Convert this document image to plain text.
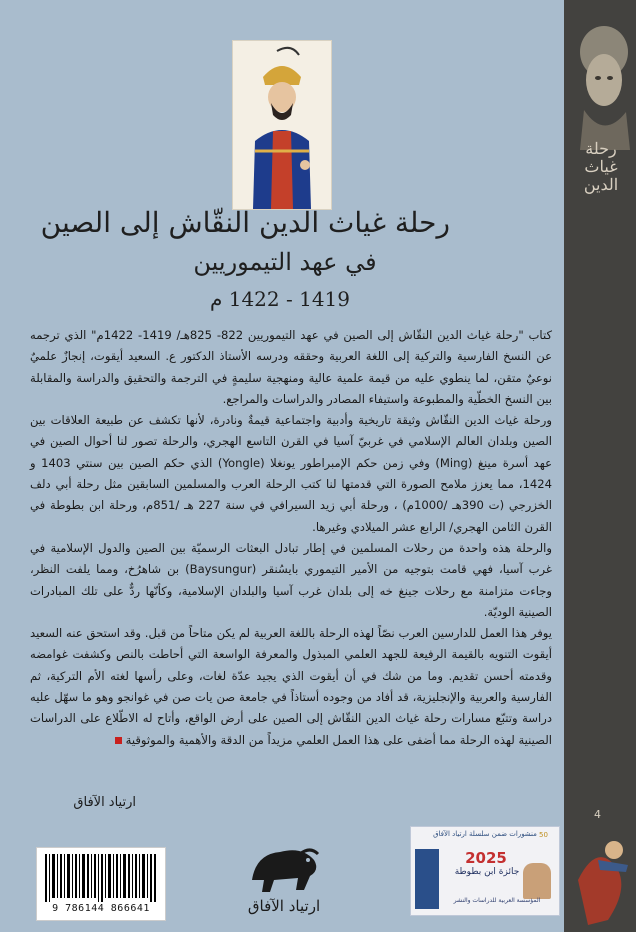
رحلة غياث الدين
4
رحلة غياث الدين النقّاش إلى الصين
في عهد التيموريين
1419 - 1422 م

كتاب "رحلة غياث الدين النقّاش إلى الصين في عهد التيموريين 822- 825هـ/ 1419- 1422م" الذي ترجمه عن النسخ الفارسية والتركية إلى اللغة العربية وحققه ودرسه الأستاذ الدكتور ع. السعيد أيقوت، إنجازٌ علميٌ نوعيٌ متقن، لما ينطوي عليه من قيمة علمية عالية ومنهجية سليمةٍ في الترجمة والتحقيق والدراسة والمقابلة بين النسخ الخطّية والمطبوعة واستيفاء المصادر والدراسات والمراجع.

ورحلة غياث الدين النقّاش وثيقة تاريخية وأدبية واجتماعية قيمةٌ ونادرة، لأنها تكشف عن طبيعة العلاقات بين الصين وبلدان العالم الإسلامي في غربيّ آسيا في القرن التاسع الهجري، والرحلة تصور لنا أحوال الصين في عهد أسرة مينغ (Ming) وفي زمن حكم الإمبراطور يونغلا (Yongle) الذي حكم الصين بين سنتي 1403 و 1424، مما يعزز ملامح الصورة التي قدمتها لنا كتب الرحلة العرب والمسلمين السابقين مثل رحلة أبي دلف الخزرجي (ت 390هـ /1000م) ، ورحلة أبي زيد السيرافي في سنة 227 هـ /851م، ورحلة ابن بطوطة في القرن الثامن الهجري/ الرابع عشر الميلادي وغيرها.

والرحلة هذه واحدة من رحلات المسلمين في إطار تبادل البعثات الرسميّة بين الصين والدول الإسلامية في غرب آسيا، فهي قامت بتوجيه من الأمير التيموري بايسُنقر (Baysungur) بن شاهرُخ، ومما يلفت النظر، وجاءت متزامنة مع رحلات جينغ خه إلى بلدان غرب آسيا والبلدان الإسلامية، وكأنّها ردٌّ على تلك المبادرات الصينية الوديّة.

يوفر هذا العمل للدارسين العرب نصّاً لهذه الرحلة باللغة العربية لم يكن متاحاً من قبل. وقد استحق عنه السعيد أيقوت التنويه بالقيمة الرفيعة للجهد العلمي المبذول والمعرفة الواسعة التي أحاطت بالنص وكشفت غوامضه وقدمته أحسن تقديم. وما من شك في أن أيقوت الذي يجيد عدّة لغات، وعلى رأسها لغته الأم التركية، ثم الفارسية والعربية والإنجليزية، قد أفاد من وجوده أستاذاً في جامعة صن يات صن في غوانجو وهو ما سهّل عليه دراسة وتتبّع مسارات رحلة غياث الدين النقّاش إلى الصين على أرض الواقع، وأتاح له الاطّلاع على الدراسات الصينية لهذه الرحلة مما أضفى على هذا العمل العلمي مزيداً من الدقة والأهمية والموثوقية

ارتياد الآفاق
9 786144 866641	ارتياد الآفاق
منشورات ضمن سلسلة ارتياد الآفاق 50
2025
جائزة ابن بطوطة
المؤسسة العربية للدراسات والنشر
